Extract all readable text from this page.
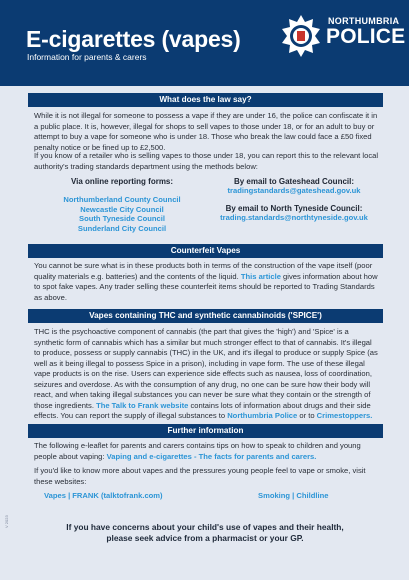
E-cigarettes (vapes)
Information for parents & carers
NORTHUMBRIA
POLICE
What does the law say?
While it is not illegal for someone to possess a vape if they are under 16, the police can confiscate it in a public place. It is, however, illegal for shops to sell vapes to those under 18, or for an adult to buy or attempt to buy a vape for someone who is under 18. Those who break the law could face a £50 fixed penalty notice or be fined up to £2,500.
If you know of a retailer who is selling vapes to those under 18, you can report this to the relevant local authority's trading standards department using the methods below:
Via online reporting forms:
Northumberland County Council
Newcastle City Council
South Tyneside Council
Sunderland City Council
By email to Gateshead Council:
tradingstandards@gateshead.gov.uk
By email to North Tyneside Council:
trading.standards@northtyneside.gov.uk
Counterfeit Vapes
You cannot be sure what is in these products both in terms of the construction of the vape itself (poor quality materials e.g. batteries) and the contents of the liquid. This article gives information about how to spot fake vapes. Any trader selling these counterfeit items should be reported to Trading Standards as above.
Vapes containing THC and synthetic cannabinoids ('SPICE')
THC is the psychoactive component of cannabis (the part that gives the 'high') and 'Spice' is a synthetic form of cannabis which has a similar but much stronger effect to that of cannabis. It's illegal to produce, possess or supply cannabis (THC) in the UK, and it's illegal to produce or supply Spice (as well as it being illegal to possess Spice in a prison), including in vape form. The use of these illegal vape products is on the rise. Users can experience side effects such as nausea, loss of coordination, seizures and overdose. As with the consumption of any drug, no one can be sure how their body will react, and when taking illegal substances you can never be sure what they contain or the strength of those ingredients. The Talk to Frank website contains lots of information about drugs and their side effects. You can report the supply of illegal substances to Northumbria Police or to Crimestoppers.
Further information
The following e-leaflet for parents and carers contains tips on how to speak to children and young people about vaping: Vaping and e-cigarettes - The facts for parents and carers.
If you'd like to know more about vapes and the pressures young people feel to vape or smoke, visit these websites:
Vapes | FRANK (talktofrank.com)	Smoking | Childline
V 2023	If you have concerns about your child's use of vapes and their health,
please seek advice from a pharmacist or your GP.
